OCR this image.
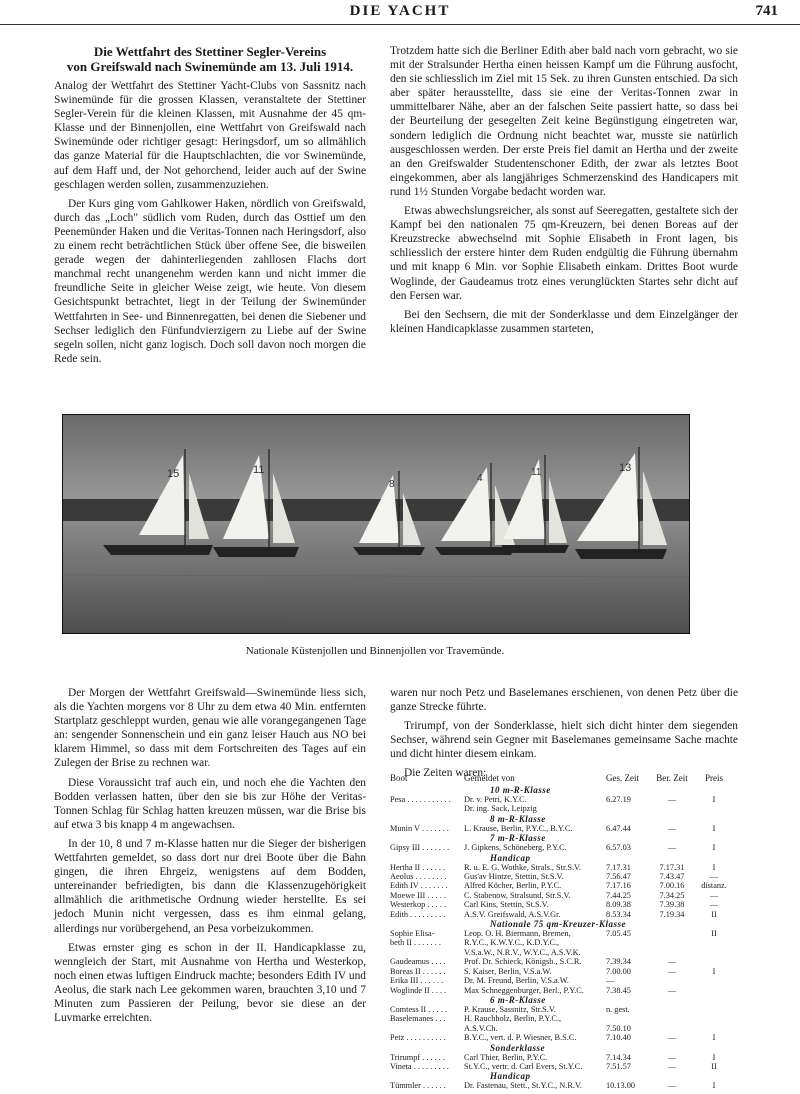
DIE YACHT	741
Die Wettfahrt des Stettiner Segler-Vereins
von Greifswald nach Swinemünde am 13. Juli 1914.

Analog der Wettfahrt des Stettiner Yacht-Clubs von Sassnitz nach Swinemünde für die grossen Klassen, veranstaltete der Stettiner Segler-Verein für die kleinen Klassen, mit Ausnahme der 45 qm-Klasse und der Binnenjollen, eine Wettfahrt von Greifswald nach Swinemünde oder richtiger gesagt: Heringsdorf, um so allmählich das ganze Material für die Hauptschlachten, die vor Swinemünde, auf dem Haff und, der Not gehorchend, leider auch auf der Swine geschlagen werden sollen, zusammenzuziehen.

Der Kurs ging vom Gahlkower Haken, nördlich von Greifswald, durch das „Loch" südlich vom Ruden, durch das Osttief um den Peenemünder Haken und die Veritas-Tonnen nach Heringsdorf, also zu einem recht beträchtlichen Stück über offene See, die bisweilen gerade wegen der dahinterliegenden zahllosen Flachs dort manchmal recht unangenehm werden kann und nicht immer die freundliche Seite in gleicher Weise zeigt, wie heute. Von diesem Gesichtspunkt betrachtet, liegt in der Teilung der Swinemünder Wettfahrten in See- und Binnenregatten, bei denen die Siebener und Sechser lediglich den Fünfundvierzigern zu Liebe auf der Swine segeln sollen, nicht ganz logisch. Doch soll davon noch morgen die Rede sein.

Trotzdem hatte sich die Berliner Edith aber bald nach vorn gebracht, wo sie mit der Stralsunder Hertha einen heissen Kampf um die Führung ausfocht, den sie schliesslich im Ziel mit 15 Sek. zu ihren Gunsten entschied. Da sich aber später herausstellte, dass sie eine der Veritas-Tonnen zwar in ummittelbarer Nähe, aber an der falschen Seite passiert hatte, so dass bei der Beurteilung der gesegelten Zeit keine Begünstigung eingetreten war, sondern lediglich die Ordnung nicht beachtet war, musste sie natürlich ausgeschlossen werden. Der erste Preis fiel damit an Hertha und der zweite an den Greifswalder Studentenschoner Edith, der zwar als letztes Boot eingekommen, aber als langjähriges Schmerzenskind des Handicapers mit rund 1½ Stunden Vorgabe bedacht worden war.

Etwas abwechslungsreicher, als sonst auf Seeregatten, gestaltete sich der Kampf bei den nationalen 75 qm-Kreuzern, bei denen Boreas auf der Kreuzstrecke abwechselnd mit Sophie Elisabeth in Front lagen, bis schliesslich der erstere hinter dem Ruden endgültig die Führung übernahm und mit knapp 6 Min. vor Sophie Elisabeth einkam. Drittes Boot wurde Woglinde, der Gaudeamus trotz eines verunglückten Startes sehr dicht auf den Fersen war.

Bei den Sechsern, die mit der Sonderklasse und dem Einzelgänger der kleinen Handicapklasse zusammen starteten,

15	11
8
4
11	13
Nationale Küstenjollen und Binnenjollen vor Travemünde.

Der Morgen der Wettfahrt Greifswald—Swinemünde liess sich, als die Yachten morgens vor 8 Uhr zu dem etwa 40 Min. entfernten Startplatz geschleppt wurden, genau wie alle vorangegangenen Tage an: sengender Sonnenschein und ein ganz leiser Hauch aus NO bei klarem Himmel, so dass mit dem Fortschreiten des Tages auf ein Zulegen der Brise zu rechnen war.

Diese Voraussicht traf auch ein, und noch ehe die Yachten den Bodden verlassen hatten, über den sie bis zur Höhe der Veritas-Tonnen Schlag für Schlag hatten kreuzen müssen, war die Brise bis auf etwa 3 bis knapp 4 m angewachsen.

In der 10, 8 und 7 m-Klasse hatten nur die Sieger der bisherigen Wettfahrten gemeldet, so dass dort nur drei Boote über die Bahn gingen, die ihren Ehrgeiz, wenigstens auf dem Bodden, untereinander befriedigten, bis dann die Klassenzugehörigkeit allmählich die arithmetische Ordnung wieder herstellte. Es sei jedoch Munin nicht vergessen, dass es ihm einmal gelang, allerdings nur vorübergehend, an Pesa vorbeizukommen.

Etwas ernster ging es schon in der II. Handicapklasse zu, wenngleich der Start, mit Ausnahme von Hertha und Westerkop, noch einen etwas luftigen Eindruck machte; besonders Edith IV und Aeolus, die stark nach Lee gekommen waren, brauchten 3,10 und 7 Minuten zum Passieren der Peilung, bevor sie diese an der Luvmarke erreichten.

waren nur noch Petz und Baselemanes erschienen, von denen Petz über die ganze Strecke führte.

Trirumpf, von der Sonderklasse, hielt sich dicht hinter dem siegenden Sechser, während sein Gegner mit Baselemanes gemeinsame Sache machte und dicht hinter diesem einkam.

Die Zeiten waren:

Boot	Gemeldet von	Ges. Zeit	Ber. Zeit	Preis
10 m-R-Klasse
Pesa . . . . . . . . . . .	Dr. v. Petri, K.Y.C.	6.27.19	—	I
Dr. ing. Sack, Leipzig
8 m-R-Klasse
Munin V . . . . . . .	L. Krause, Berlin, P.Y.C., B.Y.C.	6.47.44	—	I
7 m-R-Klasse
Gipsy III . . . . . . .	J. Gipkens, Schöneberg, P.Y.C.	6.57.03	—	I
Handicap
Hertha II . . . . . .	R. u. E. G. Wothke, Strals., Str.S.V.	7.17.31	7.17.31	I
Aeolus . . . . . . . .	Gus'av Hintze, Stettin, St.S.V.	7.56.47	7.43.47	—
Edith IV . . . . . . .	Alfred Köcher, Berlin, P.Y.C.	7.17.16	7.00.16	distanz.
Moewe III . . . . .	C. Stabenow, Stralsund, Str.S.V.	7.44.25	7.34.25	—
Westerkop . . . . .	Carl Kins, Stettin, St.S.V.	8.09.38	7.39.38	—
Edith . . . . . . . . .	A.S.V. Greifswald, A.S.V.Gr.	8.53.34	7.19.34	II
Nationale 75 qm-Kreuzer-Klasse
Sophie Elisa-	Leop. O. H. Biermann, Bremen,	7.05.45	II
beth II . . . . . . .	R.Y.C., K.W.Y.C., K.D.Y.C.,
V.S.a.W., N.R.V., W.Y.C., A.S.V.K.
Gaudeamus . . . .	Prof. Dr. Schieck, Königsb., S.C.R.	7.39.34	—
Boreas II . . . . . .	S. Kaiser, Berlin, V.S.a.W.	7.00.00	—	I
Erika III . . . . . .	Dr. M. Freund, Berlin, V.S.a.W.	—
Woglinde II . . . .	Max Schneggenburger, Berl., P.Y.C.	7.38.45	—
6 m-R-Klasse
Comtess II . . . . .	P. Krause, Sassnitz, Str.S.V.	n. gest.
Baselemanes . . .	H. Rauchholz, Berlin, P.Y.C.,
A.S.V.Ch.	7.50.10
Petz . . . . . . . . . .	B.Y.C., vert. d. P. Wiesner, B.S.C.	7.10.40	—	I
Sonderklasse
Trirumpf . . . . . .	Carl Thier, Berlin, P.Y.C.	7.14.34	—	I
Vineta . . . . . . . . .	St.Y.C., vertr. d. Carl Evers, St.Y.C.	7.51.57	—	II
Handicap
Tümmler . . . . . .	Dr. Fastenau, Stett., St.Y.C., N.R.V.	10.13.00	—	I
